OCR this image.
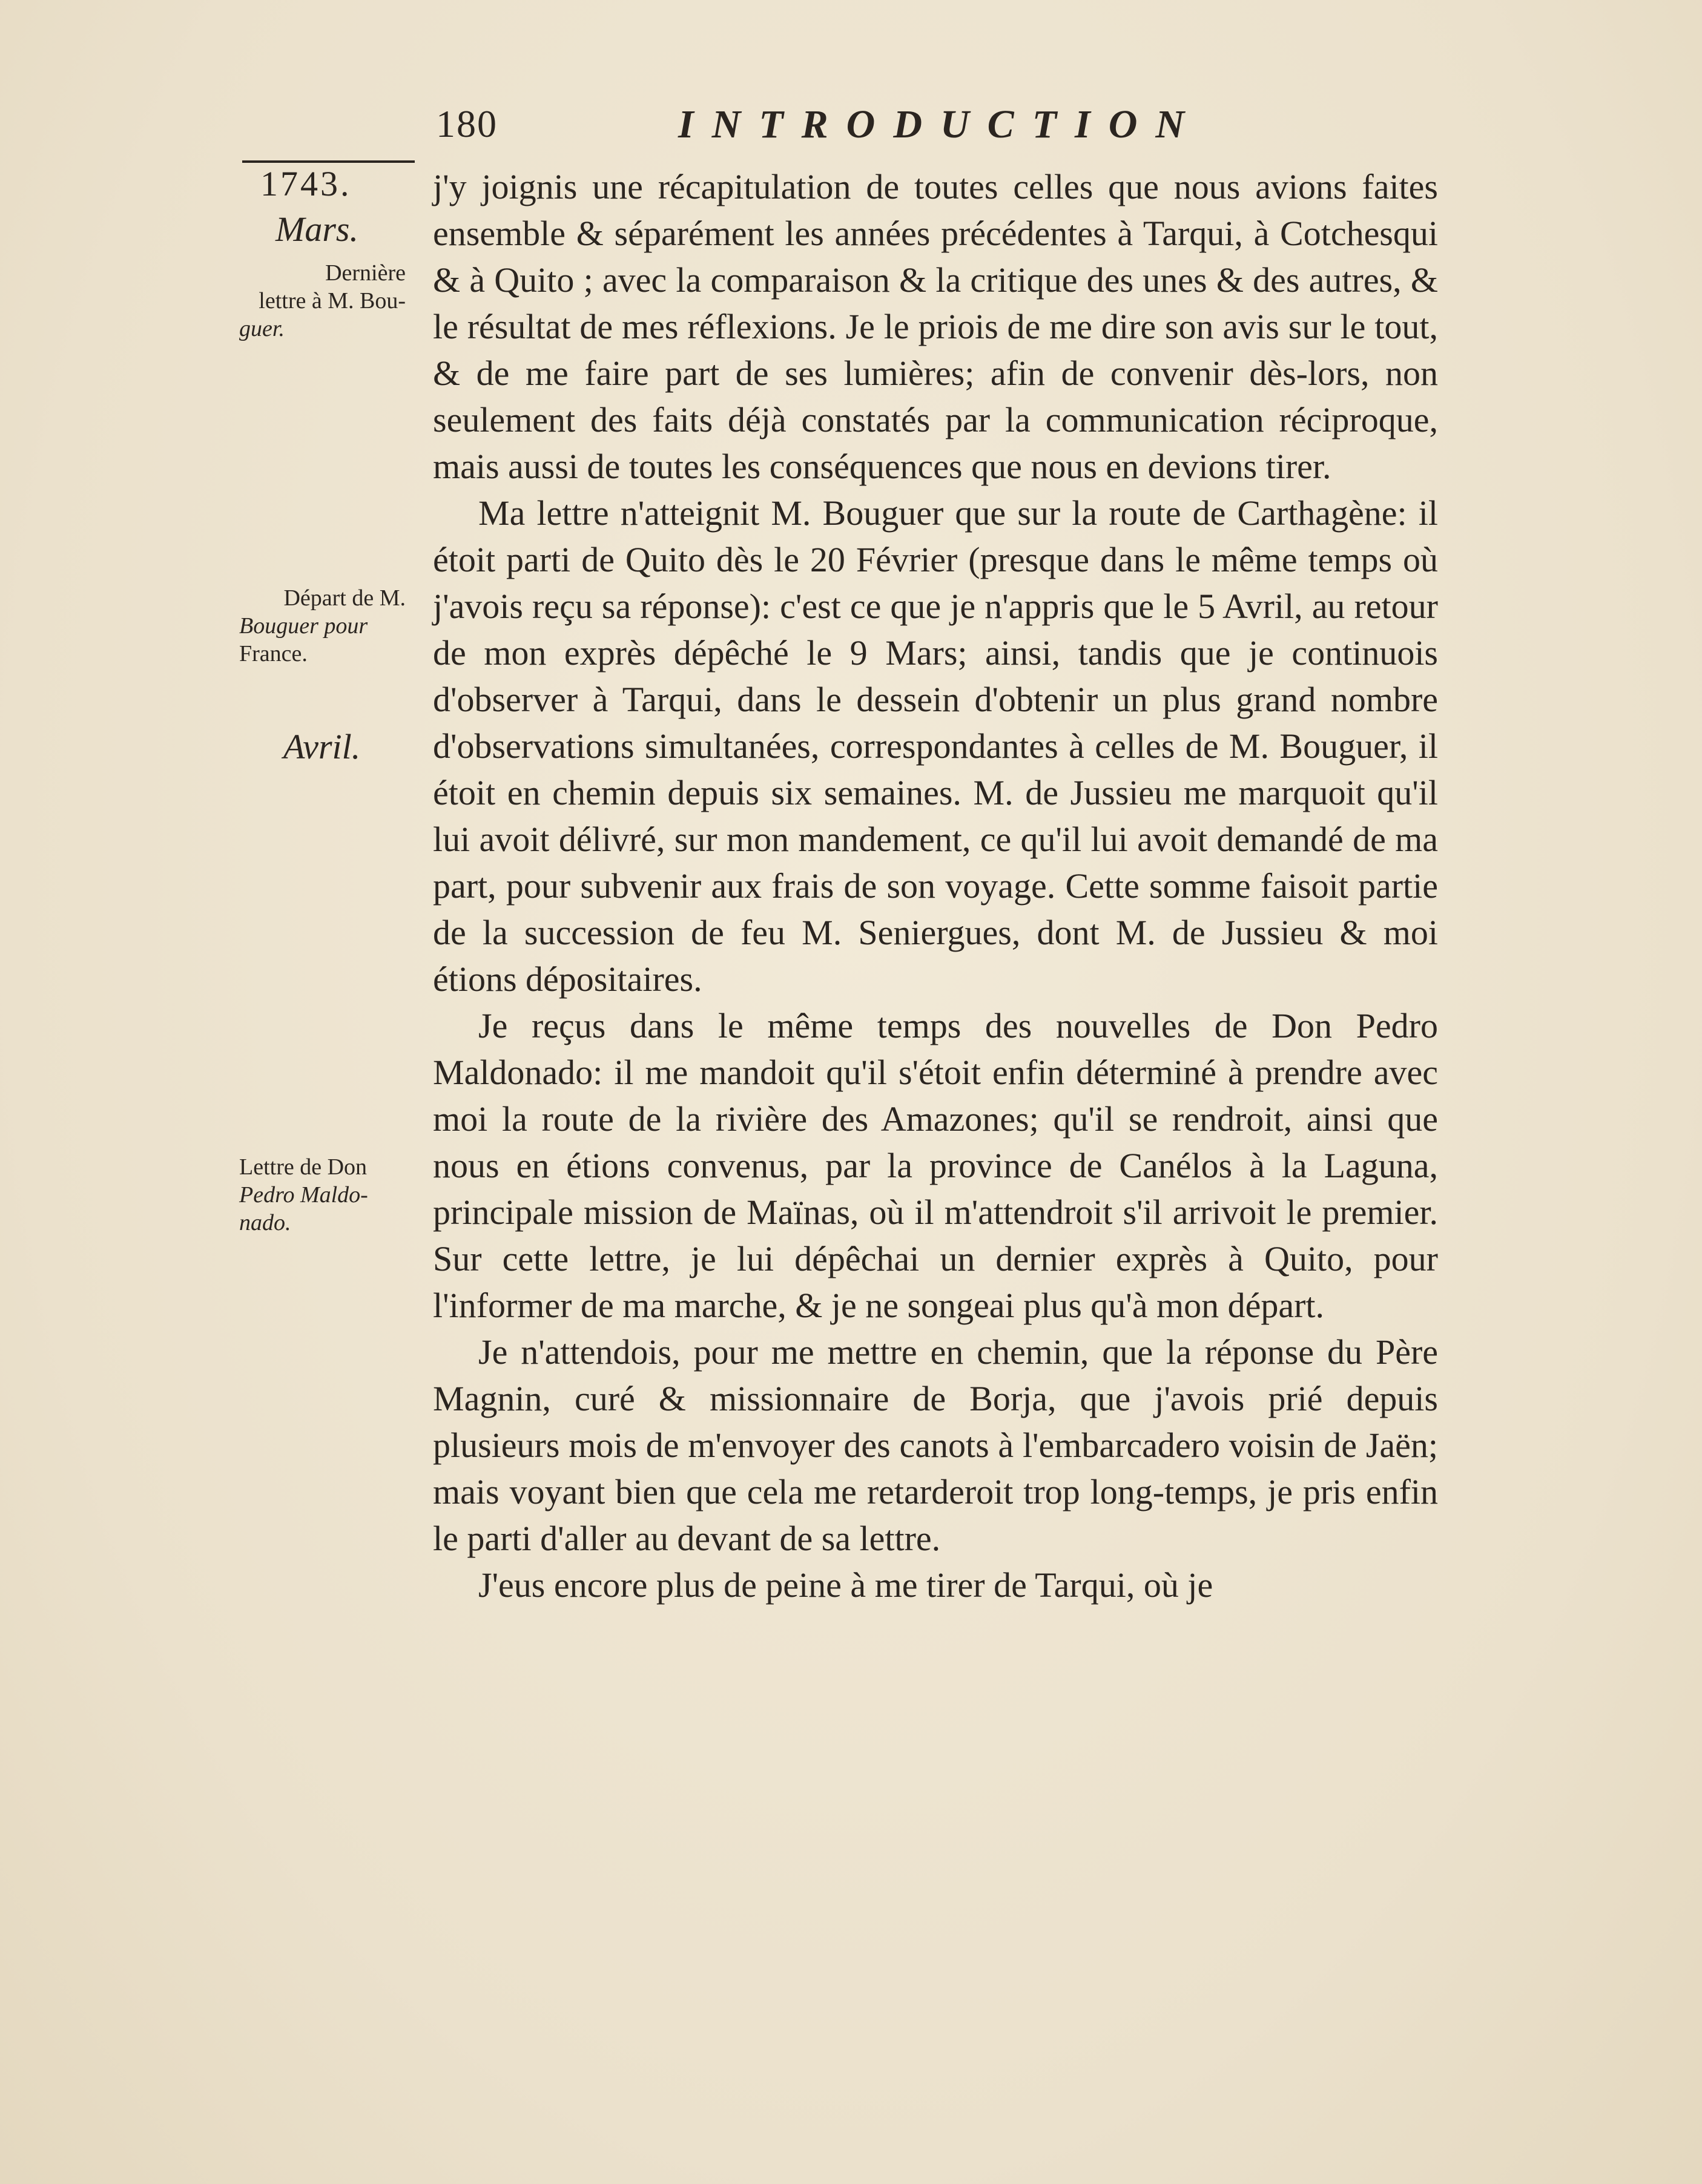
180	INTRODUCTION
1743.
Mars.
Dernière
lettre à M. Bou-
guer.
Départ de M.
Bouguer pour
France.
Avril.
Lettre de Don
Pedro Maldo-
nado.

j'y joignis une récapitulation de toutes celles que nous avions faites ensemble & séparément les années précédentes à Tarqui, à Cotchesqui & à Quito ; avec la comparaison & la critique des unes & des autres, & le résultat de mes réflexions. Je le priois de me dire son avis sur le tout, & de me faire part de ses lumières; afin de convenir dès-lors, non seulement des faits déjà constatés par la communication réciproque, mais aussi de toutes les conséquences que nous en devions tirer.

Ma lettre n'atteignit M. Bouguer que sur la route de Carthagène: il étoit parti de Quito dès le 20 Février (presque dans le même temps où j'avois reçu sa réponse): c'est ce que je n'appris que le 5 Avril, au retour de mon exprès dépêché le 9 Mars; ainsi, tandis que je continuois d'observer à Tarqui, dans le dessein d'obtenir un plus grand nombre d'observations simultanées, correspondantes à celles de M. Bouguer, il étoit en chemin depuis six semaines. M. de Jussieu me marquoit qu'il lui avoit délivré, sur mon mandement, ce qu'il lui avoit demandé de ma part, pour subvenir aux frais de son voyage. Cette somme faisoit partie de la succession de feu M. Seniergues, dont M. de Jussieu & moi étions dépositaires.

Je reçus dans le même temps des nouvelles de Don Pedro Maldonado: il me mandoit qu'il s'étoit enfin déterminé à prendre avec moi la route de la rivière des Amazones; qu'il se rendroit, ainsi que nous en étions convenus, par la province de Canélos à la Laguna, principale mission de Maïnas, où il m'attendroit s'il arrivoit le premier. Sur cette lettre, je lui dépêchai un dernier exprès à Quito, pour l'informer de ma marche, & je ne songeai plus qu'à mon départ.

Je n'attendois, pour me mettre en chemin, que la réponse du Père Magnin, curé & missionnaire de Borja, que j'avois prié depuis plusieurs mois de m'envoyer des canots à l'embarcadero voisin de Jaën; mais voyant bien que cela me retarderoit trop long-temps, je pris enfin le parti d'aller au devant de sa lettre.

J'eus encore plus de peine à me tirer de Tarqui, où je
